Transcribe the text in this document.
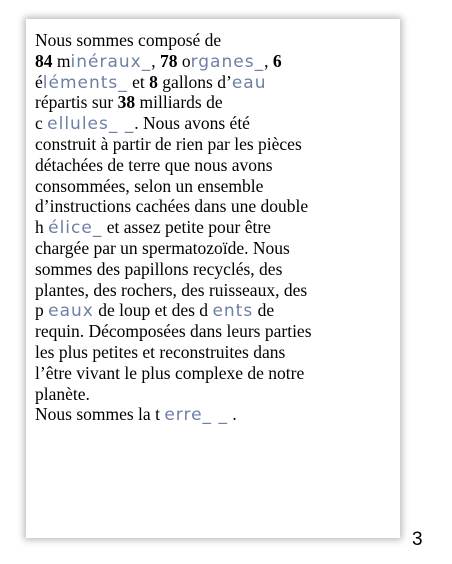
Nous sommes composé de
84 minéraux_, 78 organes_, 6
éléments_ et 8 gallons d’eau
répartis sur 38 milliards de
c ellules_ _. Nous avons été
construit à partir de rien par les pièces
détachées de terre que nous avons
consommées, selon un ensemble
d’instructions cachées dans une double
h élice_ et assez petite pour être
chargée par un spermatozoïde. Nous
sommes des papillons recyclés, des
plantes, des rochers, des ruisseaux, des
p eaux de loup et des d ents de
requin. Décomposées dans leurs parties
les plus petites et reconstruites dans
l’être vivant le plus complexe de notre
planète.
Nous sommes la t erre_ _ .
3
